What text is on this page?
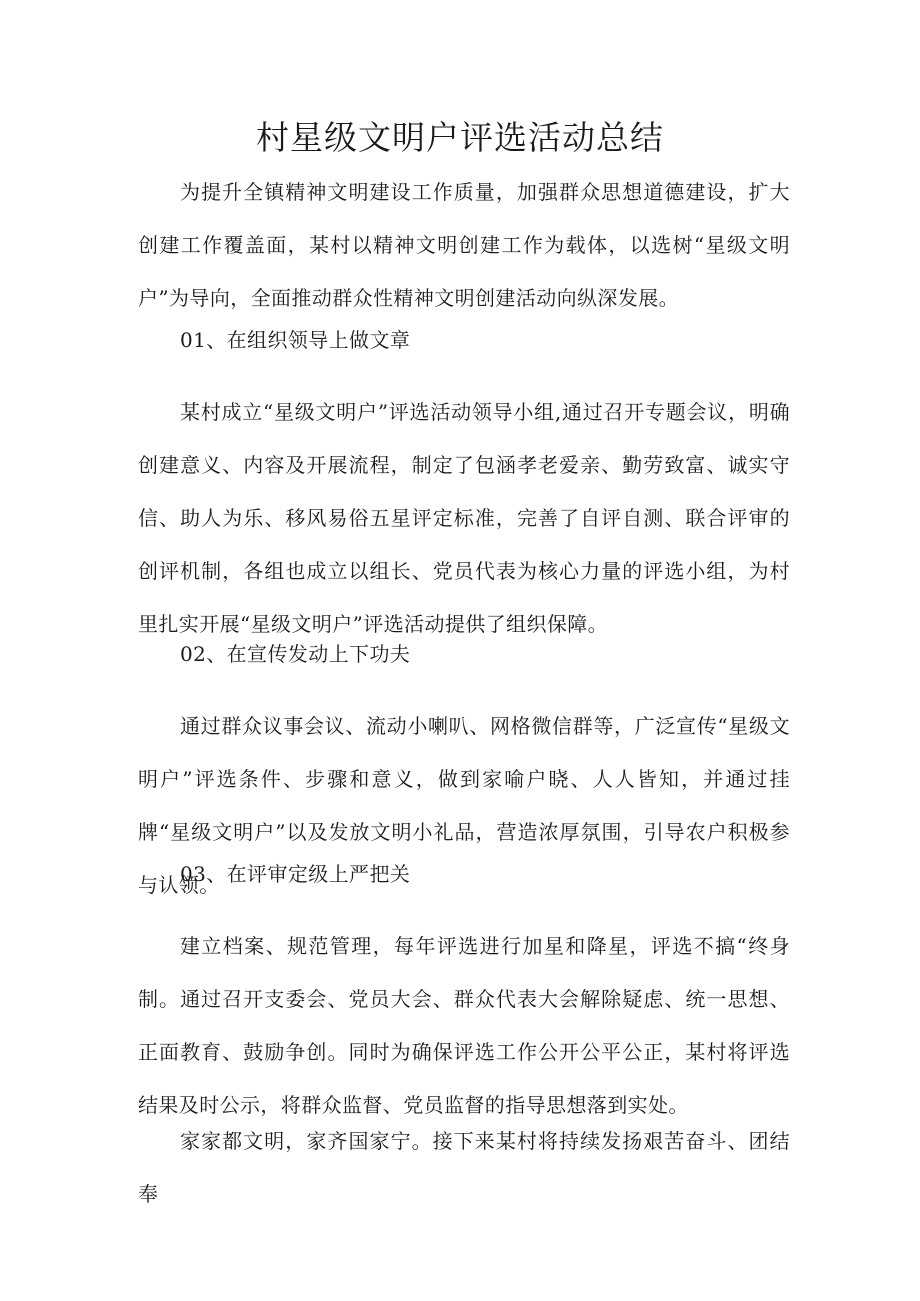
村星级文明户评选活动总结

为提升全镇精神文明建设工作质量，加强群众思想道德建设，扩大创建工作覆盖面，某村以精神文明创建工作为载体，以选树“星级文明户”为导向，全面推动群众性精神文明创建活动向纵深发展。

01、在组织领导上做文章

某村成立“星级文明户”评选活动领导小组,通过召开专题会议，明确创建意义、内容及开展流程，制定了包涵孝老爱亲、勤劳致富、诚实守信、助人为乐、移风易俗五星评定标准，完善了自评自测、联合评审的创评机制，各组也成立以组长、党员代表为核心力量的评选小组，为村里扎实开展“星级文明户”评选活动提供了组织保障。

02、在宣传发动上下功夫

通过群众议事会议、流动小喇叭、网格微信群等，广泛宣传“星级文明户”评选条件、步骤和意义，做到家喻户晓、人人皆知，并通过挂牌“星级文明户”以及发放文明小礼品，营造浓厚氛围，引导农户积极参与认领。

03、在评审定级上严把关

建立档案、规范管理，每年评选进行加星和降星，评选不搞“终身制。通过召开支委会、党员大会、群众代表大会解除疑虑、统一思想、正面教育、鼓励争创。同时为确保评选工作公开公平公正，某村将评选结果及时公示，将群众监督、党员监督的指导思想落到实处。

家家都文明，家齐国家宁。接下来某村将持续发扬艰苦奋斗、团结奉
